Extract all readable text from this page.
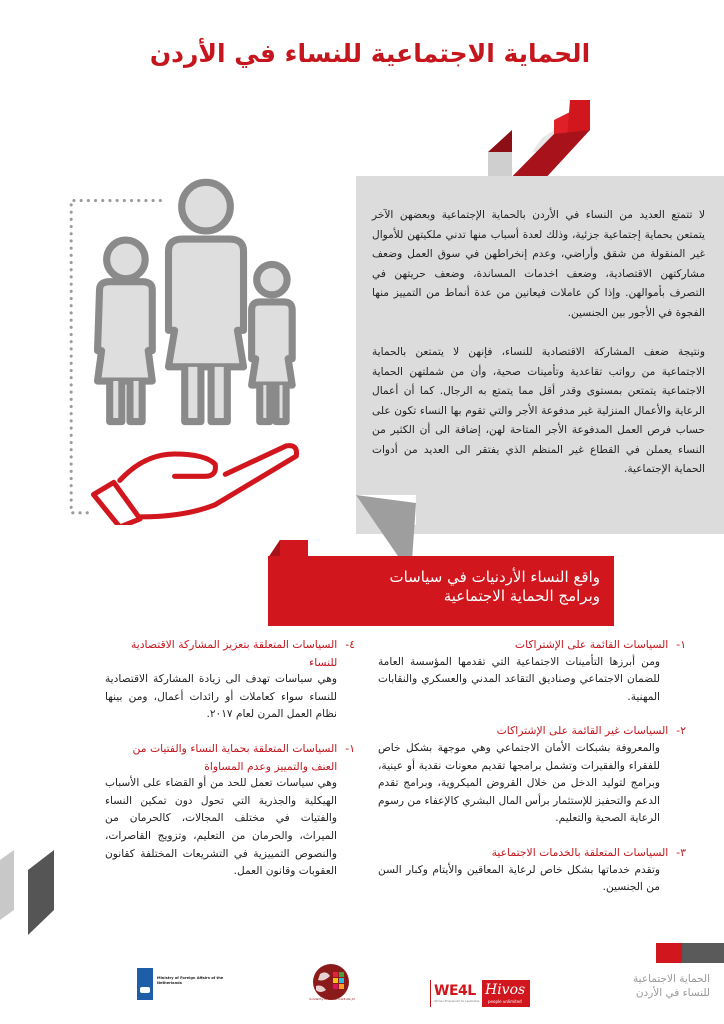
الحماية الاجتماعية للنساء في الأردن

لا تتمتع العديد من النساء في الأردن بالحماية الإجتماعية وبعضهن الآخر يتمتعن بحماية إجتماعية جزئية، وذلك لعدة أسباب منها تدني ملكيتهن للأموال غير المنقولة من شقق وأراضي، وعدم إنخراطهن في سوق العمل وضعف مشاركتهن الاقتصادية، وضعف اخدمات المساندة، وضعف حريتهن في التصرف بأموالهن. وإذا كن عاملات فيعانين من عدة أنماط من التمييز منها الفجوة في الأجور بين الجنسين.

ونتيجة ضعف المشاركة الاقتصادية للنساء، فإنهن لا يتمتعن بالحماية الاجتماعية من رواتب تقاعدية وتأمينات صحية، وأن من شملتهن الحماية الاجتماعية يتمتعن بمستوى وقدر أقل مما يتمتع به الرجال. كما أن أعمال الرعاية والأعمال المنزلية غير مدفوعة الأجر والتي تقوم بها النساء تكون على حساب فرص العمل المدفوعة الأجر المتاحة لهن، إضافة الى أن الكثير من النساء يعملن في القطاع غير المنظم الذي يفتقر الى العديد من أدوات الحماية الإجتماعية.

واقع النساء الأردنيات في سياسات
وبرامج الحماية الاجتماعية
١-
السياسات القائمة على الإشتراكات
ومن أبرزها التأمينات الاجتماعية التي تقدمها المؤسسة العامة للضمان الاجتماعي وصناديق التقاعد المدني والعسكري والنقابات المهنية.
٢-
السياسات غير القائمة على الإشتراكات
والمعروفة بشبكات الأمان الاجتماعي وهي موجهة بشكل خاص للفقراء والفقيرات وتشمل برامجها تقديم معونات نقدية أو عينية، وبرامج لتوليد الدخل من خلال القروض الميكروية، وبرامج تقدم الدعم والتحفيز للإستثمار برأس المال البشري كالإعفاء من رسوم الرعاية الصحية والتعليم.
٣-
السياسات المتعلقة بالخدمات الاجتماعية
وتقدم خدماتها بشكل خاص لرعاية المعاقين والأيتام وكبار السن من الجنسين.
٤-
السياسات المتعلقة بتعزيز المشاركة الاقتصادية للنساء
وهي سياسات تهدف الى زيادة المشاركة الاقتصادية للنساء سواء كعاملات أو رائدات أعمال، ومن بينها نظام العمل المرن لعام ٢٠١٧.
١-
السياسات المتعلقة بحماية النساء والفتيات من العنف والتمييز وعدم المساواة
وهي سياسات تعمل للحد من أو القضاء على الأسباب الهيكلية والجذرية التي تحول دون تمكين النساء والفتيات في مختلف المجالات، كالحرمان من الميراث، والحرمان من التعليم، وتزويج القاصرات، والنصوص التمييزية في التشريعات المختلفة كقانون العقوبات وقانون العمل.
الحماية الاجتماعية
للنساء في الأردن
Ministry of Foreign Affairs of the Netherlands
Solidarity is Global Institute JO	WE4L
Women Empowered for Leadership
Hivos
people unlimited
